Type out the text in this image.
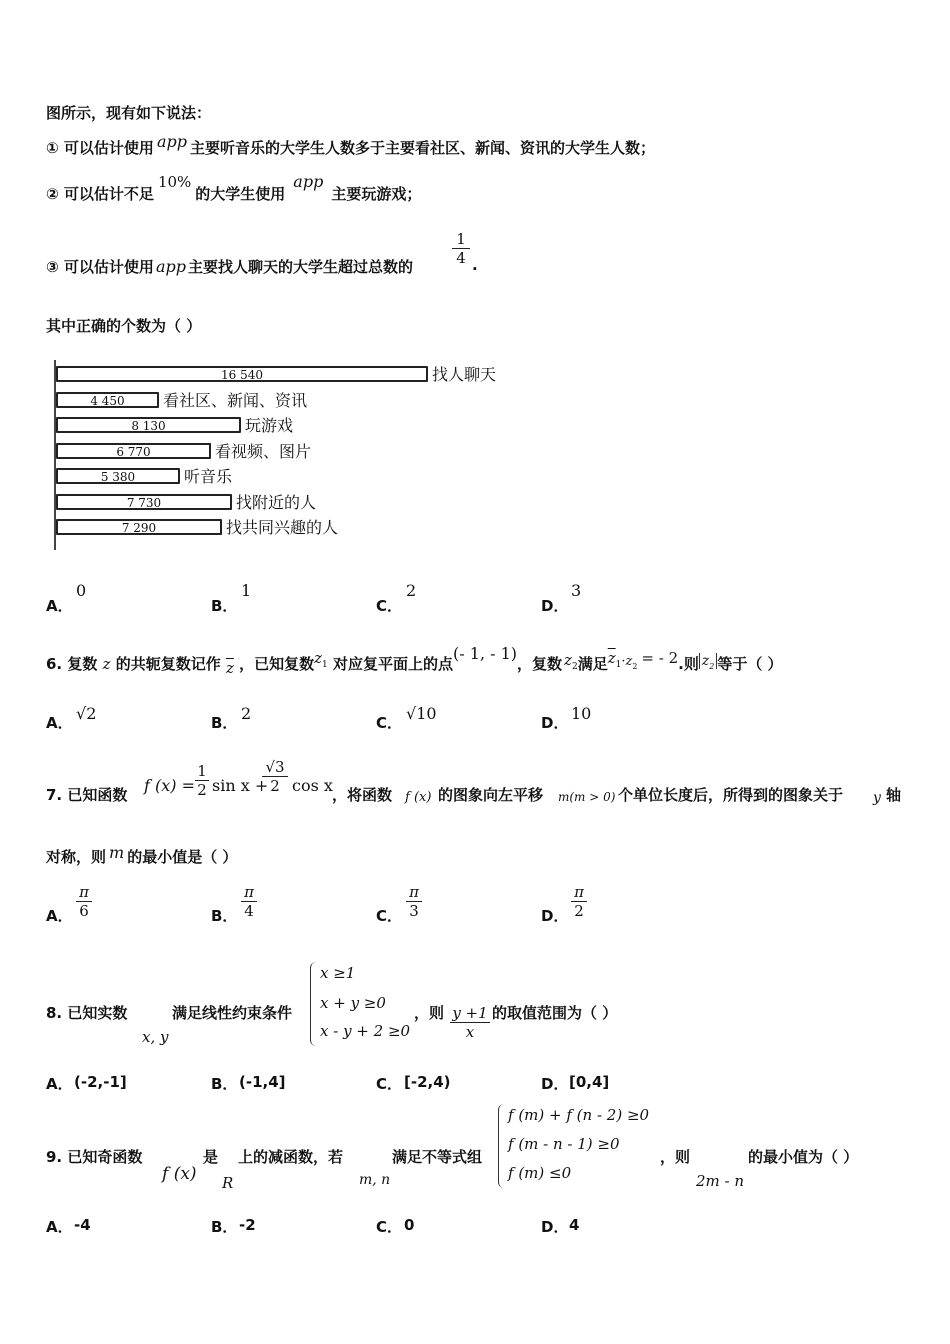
图所示，现有如下说法：
① 可以估计使用 app 主要听音乐的大学生人数多于主要看社区、新闻、资讯的大学生人数；
② 可以估计不足10%的大学生使用app主要玩游戏；
③ 可以估计使用 app 主要找人聊天的大学生超过总数的	$\frac{1}{4}$ .
其中正确的个数为（ ）
16 540	找人聊天
4 450	看社区、新闻、资讯
8 130	玩游戏
6 770	看视频、图片
5 380	听音乐
7 730	找附近的人
7 290	找共同兴趣的人
A．
0
B．
1
C．
2
D．
3
6. 复数 z 的共轭复数记作 $\overline{z}$ ，已知复数$z_1$ 对应复平面上的点(- 1, - 1)，复数 $z_2$满足$\overline{z}_1\cdot z_2$ = - 2.则 $z_2$ 等于（ ）
A． √2	B． 2	C． √10	D． 10
7. 已知函数 f $(x) = \frac{1}{2}$ sin x +
$\frac{√3}{2}$ cos x ，将函数 f (x) 的图象向左平移 m(m > 0) 个单位长度后，所得到的图象关于 y 轴
对称，则 m 的最小值是（ ）
A． $\frac{\pi}{6}$	B． $\frac{\pi}{4}$	C． $\frac{\pi}{3}$	D． $\frac{\pi}{2}$
8. 已知实数
x, y
满足线性约束条件
x ≥1
x + y ≥0
x - y + 2 ≥0
，则 $\frac{y +1}{x}$ 的取值范围为（ ）
A． (-2,-1]	B． (-1,4]	C． [-2,4)	D． [0,4]
9. 已知奇函数
f (x)
是
R
上的减函数，若
m, n
满足不等式组
f (m) + f (n - 2) ≥0
f (m - n - 1) ≥0
f (m) ≤0
，则
2m - n
的最小值为（ ）
A． -4	B． -2	C． 0	D． 4
